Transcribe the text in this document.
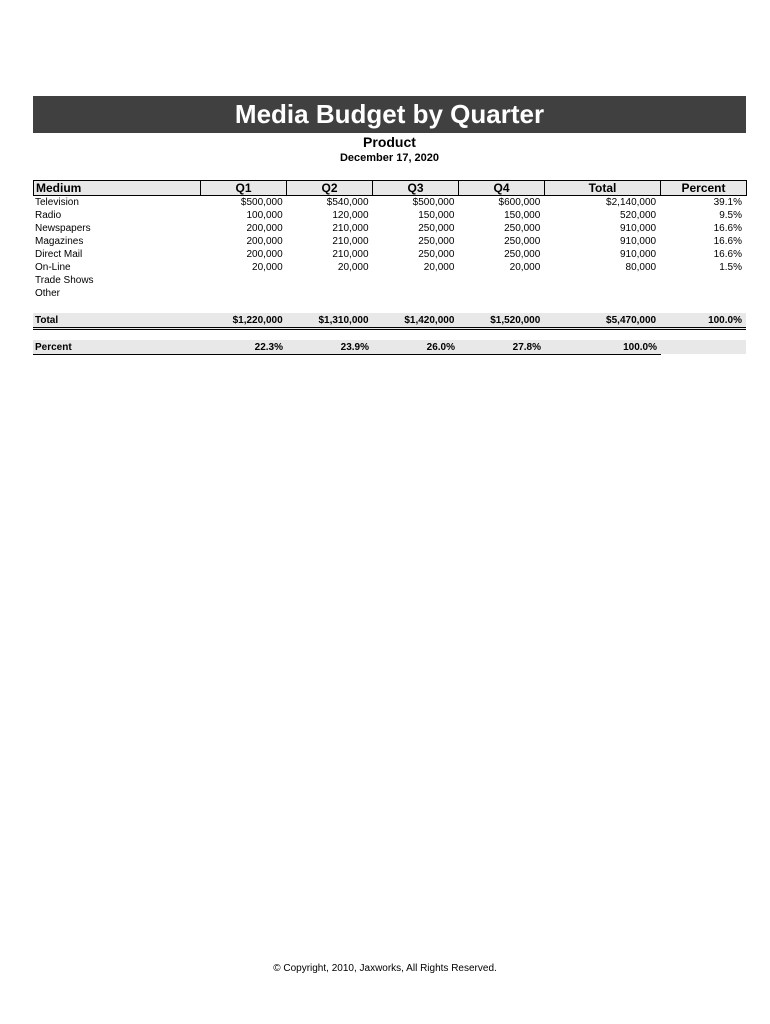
Media Budget by Quarter
Product
December 17, 2020
Medium	Q1	Q2	Q3	Q4	Total	Percent
Television	$500,000	$540,000	$500,000	$600,000	$2,140,000	39.1%
Radio	100,000	120,000	150,000	150,000	520,000	9.5%
Newspapers	200,000	210,000	250,000	250,000	910,000	16.6%
Magazines	200,000	210,000	250,000	250,000	910,000	16.6%
Direct Mail	200,000	210,000	250,000	250,000	910,000	16.6%
On-Line	20,000	20,000	20,000	20,000	80,000	1.5%
Trade Shows
Other
Total	$1,220,000	$1,310,000	$1,420,000	$1,520,000	$5,470,000	100.0%
Percent	22.3%	23.9%	26.0%	27.8%	100.0%
© Copyright, 2010, Jaxworks, All Rights Reserved.
